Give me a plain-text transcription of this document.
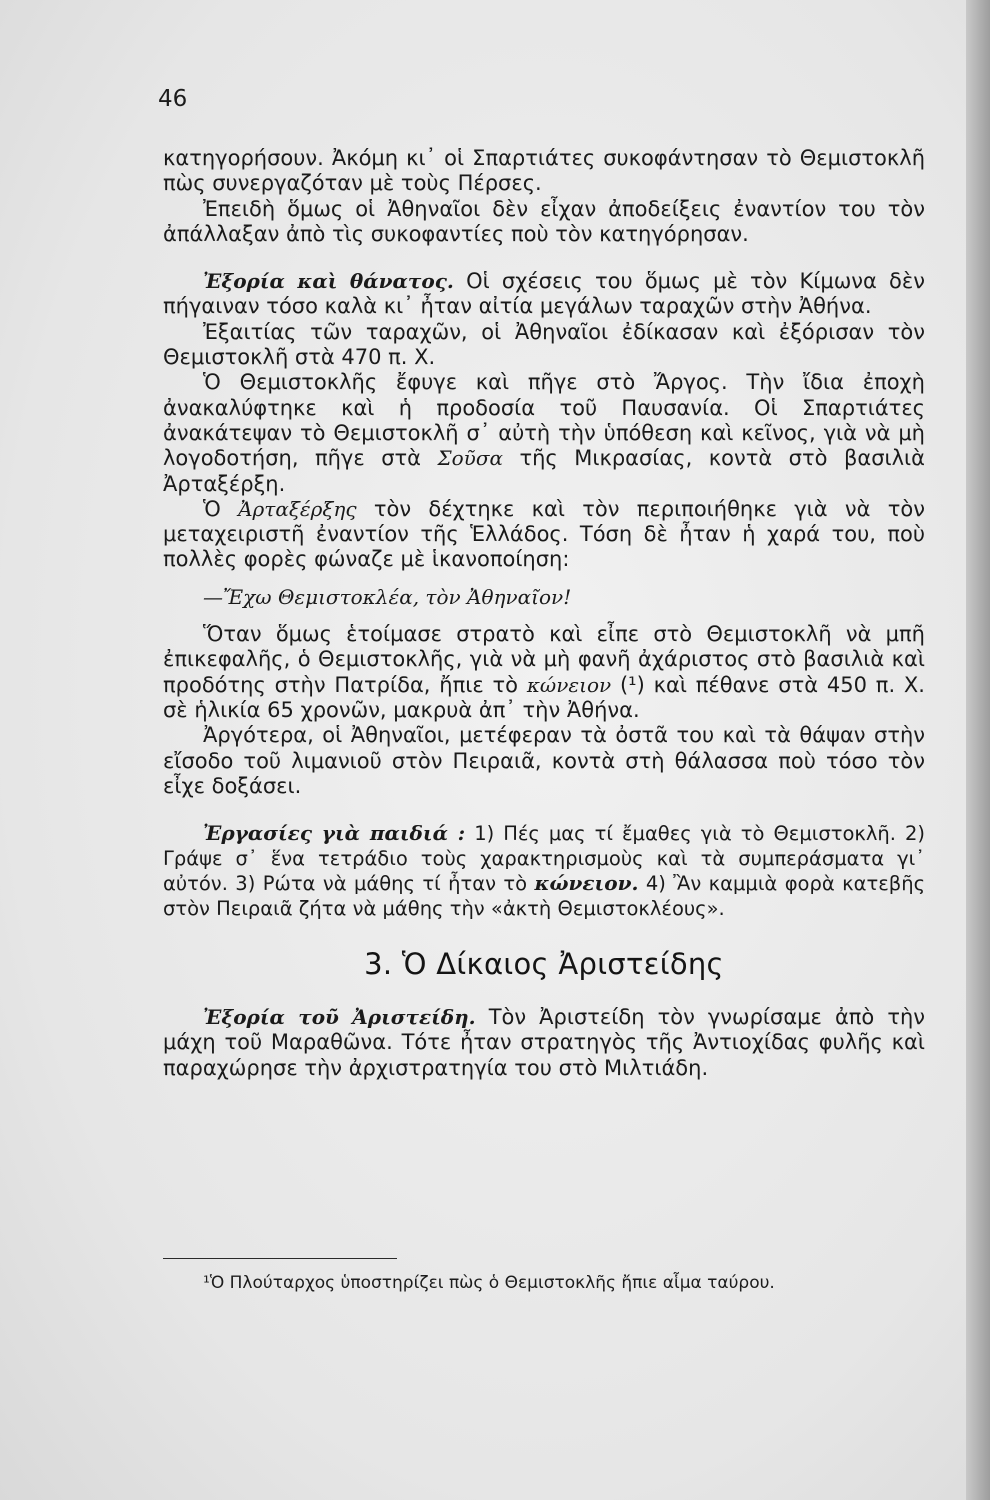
46

κατηγορήσουν. Ἀκόμη κι᾿ οἱ Σπαρτιάτες συκοφάντησαν τὸ Θεμιστοκλῆ πὼς συνεργαζόταν μὲ τοὺς Πέρσες.

Ἐπειδὴ ὅμως οἱ Ἀθηναῖοι δὲν εἶχαν ἀποδείξεις ἐναντίον του τὸν ἀπάλλαξαν ἀπὸ τὶς συκοφαντίες ποὺ τὸν κατηγόρησαν.

Ἐξορία καὶ θάνατος. Οἱ σχέσεις του ὅμως μὲ τὸν Κίμωνα δὲν πήγαιναν τόσο καλὰ κι᾿ ἦταν αἰτία μεγάλων ταραχῶν στὴν Ἀθήνα.

Ἐξαιτίας τῶν ταραχῶν, οἱ Ἀθηναῖοι ἐδίκασαν καὶ ἐξόρισαν τὸν Θεμιστοκλῆ στὰ 470 π. Χ.

Ὁ Θεμιστοκλῆς ἔφυγε καὶ πῆγε στὸ Ἄργος. Τὴν ἴδια ἐποχὴ ἀνακαλύφτηκε καὶ ἡ προδοσία τοῦ Παυσανία. Οἱ Σπαρτιάτες ἀνακάτεψαν τὸ Θεμιστοκλῆ σ᾿ αὐτὴ τὴν ὑπόθεση καὶ κεῖνος, γιὰ νὰ μὴ λογοδοτήση, πῆγε στὰ Σοῦσα τῆς Μικρασίας, κοντὰ στὸ βασιλιὰ Ἀρταξέρξη.

Ὁ Ἀρταξέρξης τὸν δέχτηκε καὶ τὸν περιποιήθηκε γιὰ νὰ τὸν μεταχειριστῆ ἐναντίον τῆς Ἑλλάδος. Τόση δὲ ἦταν ἡ χαρά του, ποὺ πολλὲς φορὲς φώναζε μὲ ἱκανοποίηση:

—Ἔχω Θεμιστοκλέα, τὸν Ἀθηναῖον!

Ὅταν ὅμως ἑτοίμασε στρατὸ καὶ εἶπε στὸ Θεμιστοκλῆ νὰ μπῆ ἐπικεφαλῆς, ὁ Θεμιστοκλῆς, γιὰ νὰ μὴ φανῆ ἀχάριστος στὸ βασιλιὰ καὶ προδότης στὴν Πατρίδα, ἤπιε τὸ κώνειον (¹) καὶ πέθανε στὰ 450 π. Χ. σὲ ἡλικία 65 χρονῶν, μακρυὰ ἀπ᾿ τὴν Ἀθήνα.

Ἀργότερα, οἱ Ἀθηναῖοι, μετέφεραν τὰ ὀστᾶ του καὶ τὰ θάψαν στὴν εἴσοδο τοῦ λιμανιοῦ στὸν Πειραιᾶ, κοντὰ στὴ θάλασσα ποὺ τόσο τὸν εἶχε δοξάσει.

Ἐργασίες γιὰ παιδιά : 1) Πές μας τί ἔμαθες γιὰ τὸ Θεμιστοκλῆ. 2) Γράψε σ᾿ ἕνα τετράδιο τοὺς χαρακτηρισμοὺς καὶ τὰ συμπεράσματα γι᾿ αὐτόν. 3) Ρώτα νὰ μάθης τί ἦταν τὸ κώνειον. 4) Ἂν καμμιὰ φορὰ κατεβῆς στὸν Πειραιᾶ ζήτα νὰ μάθης τὴν «ἀκτὴ Θεμιστοκλέους».

3. Ὁ Δίκαιος Ἀριστείδης

Ἐξορία τοῦ Ἀριστείδη. Τὸν Ἀριστείδη τὸν γνωρίσαμε ἀπὸ τὴν μάχη τοῦ Μαραθῶνα. Τότε ἦταν στρατηγὸς τῆς Ἀντιοχίδας φυλῆς καὶ παραχώρησε τὴν ἀρχιστρατηγία του στὸ Μιλτιάδη.

¹Ὁ Πλούταρχος ὑποστηρίζει πὼς ὁ Θεμιστοκλῆς ἤπιε αἷμα ταύρου.
